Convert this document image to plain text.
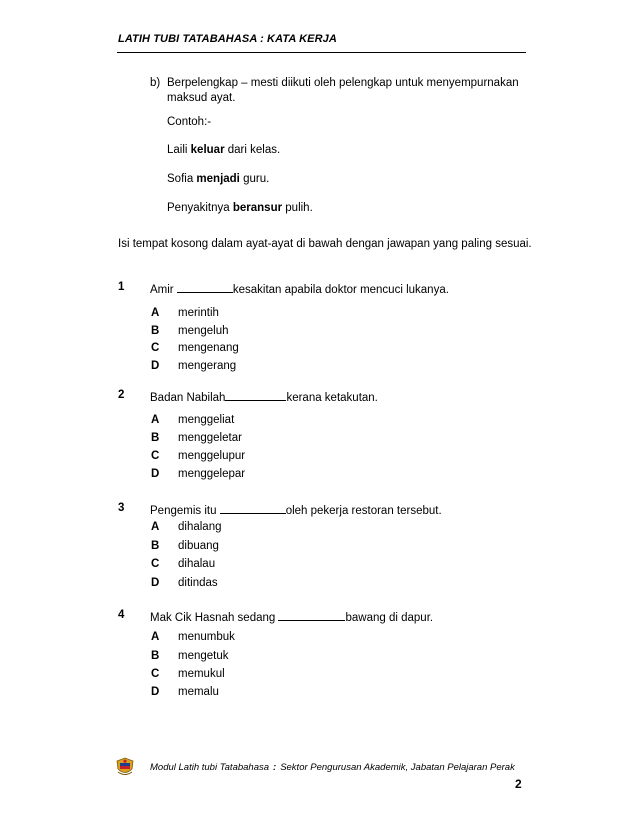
LATIH TUBI TATABAHASA : KATA KERJA
b) Berpelengkap – mesti diikuti oleh pelengkap untuk menyempurnakan
maksud ayat.
Contoh:-
Laili keluar dari kelas.
Sofia menjadi guru.
Penyakitnya beransur pulih.
Isi tempat kosong dalam ayat-ayat di bawah dengan jawapan yang paling sesuai.
1 Amir	kesakitan apabila doktor mencuci lukanya.
A merintih
B mengeluh
C mengenang
D mengerang
2 Badan Nabilah	kerana ketakutan.
A menggeliat
B menggeletar
C menggelupur
D menggelepar
3 Pengemis itu	oleh pekerja restoran tersebut.
A dihalang
B dibuang
C dihalau
D ditindas
4 Mak Cik Hasnah sedang	bawang di dapur.
A menumbuk
B mengetuk
C memukul
D memalu
Modul Latih tubi Tatabahasa : Sektor Pengurusan Akademik, Jabatan Pelajaran Perak
2
